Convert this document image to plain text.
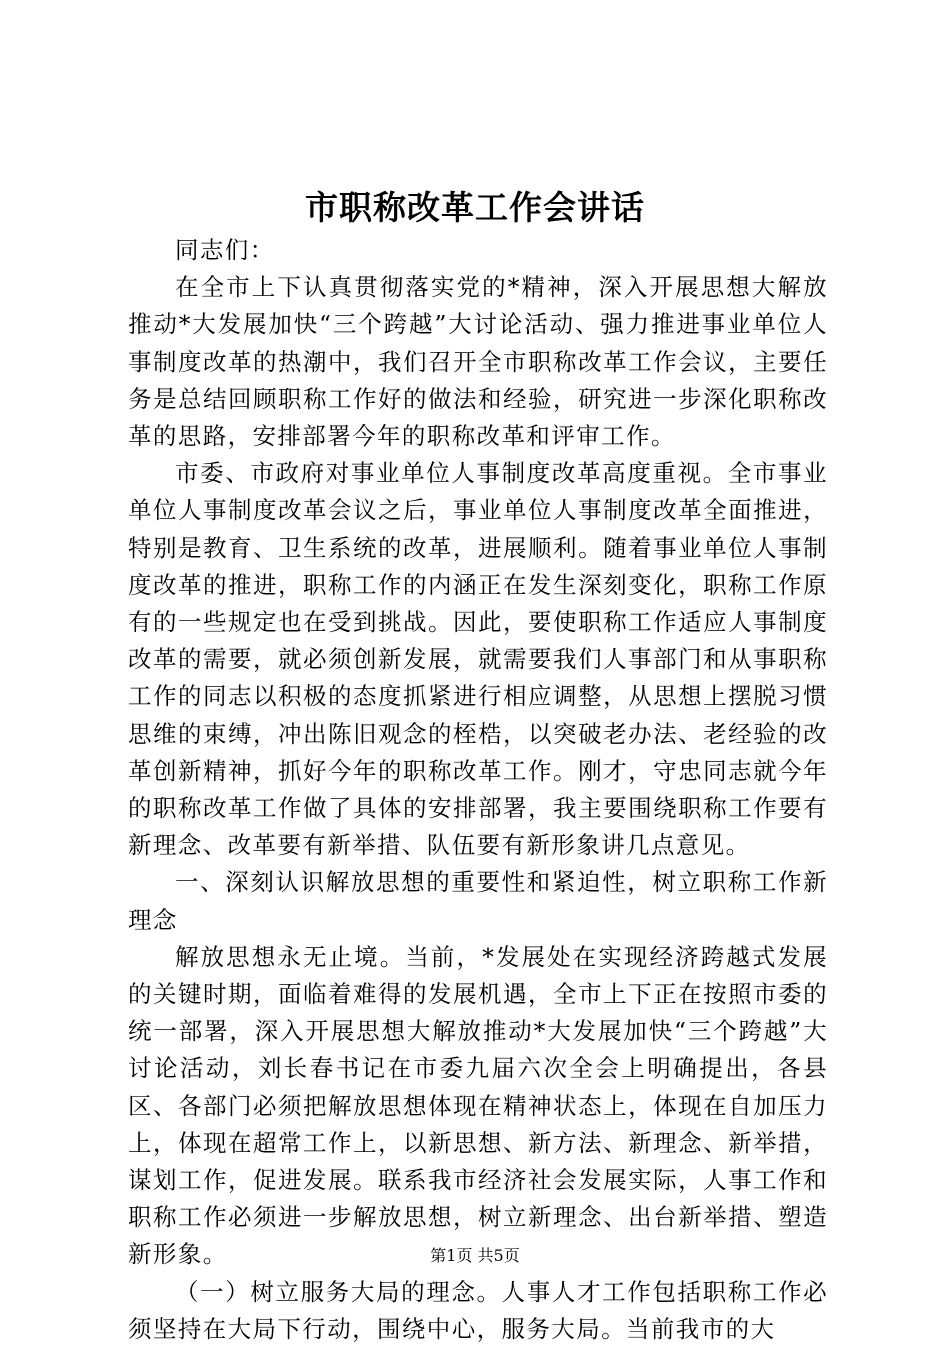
市职称改革工作会讲话

同志们：

在全市上下认真贯彻落实党的*精神，深入开展思想大解放推动*大发展加快“三个跨越”大讨论活动、强力推进事业单位人事制度改革的热潮中，我们召开全市职称改革工作会议，主要任务是总结回顾职称工作好的做法和经验，研究进一步深化职称改革的思路，安排部署今年的职称改革和评审工作。

市委、市政府对事业单位人事制度改革高度重视。全市事业单位人事制度改革会议之后，事业单位人事制度改革全面推进，特别是教育、卫生系统的改革，进展顺利。随着事业单位人事制度改革的推进，职称工作的内涵正在发生深刻变化，职称工作原有的一些规定也在受到挑战。因此，要使职称工作适应人事制度改革的需要，就必须创新发展，就需要我们人事部门和从事职称工作的同志以积极的态度抓紧进行相应调整，从思想上摆脱习惯思维的束缚，冲出陈旧观念的桎梏，以突破老办法、老经验的改革创新精神，抓好今年的职称改革工作。刚才，守忠同志就今年的职称改革工作做了具体的安排部署，我主要围绕职称工作要有新理念、改革要有新举措、队伍要有新形象讲几点意见。

一、深刻认识解放思想的重要性和紧迫性，树立职称工作新理念

解放思想永无止境。当前，*发展处在实现经济跨越式发展的关键时期，面临着难得的发展机遇，全市上下正在按照市委的统一部署，深入开展思想大解放推动*大发展加快“三个跨越”大讨论活动，刘长春书记在市委九届六次全会上明确提出，各县区、各部门必须把解放思想体现在精神状态上，体现在自加压力上，体现在超常工作上，以新思想、新方法、新理念、新举措，谋划工作，促进发展。联系我市经济社会发展实际，人事工作和职称工作必须进一步解放思想，树立新理念、出台新举措、塑造新形象。

（一）树立服务大局的理念。人事人才工作包括职称工作必须坚持在大局下行动，围绕中心，服务大局。当前我市的大

第1页 共5页
